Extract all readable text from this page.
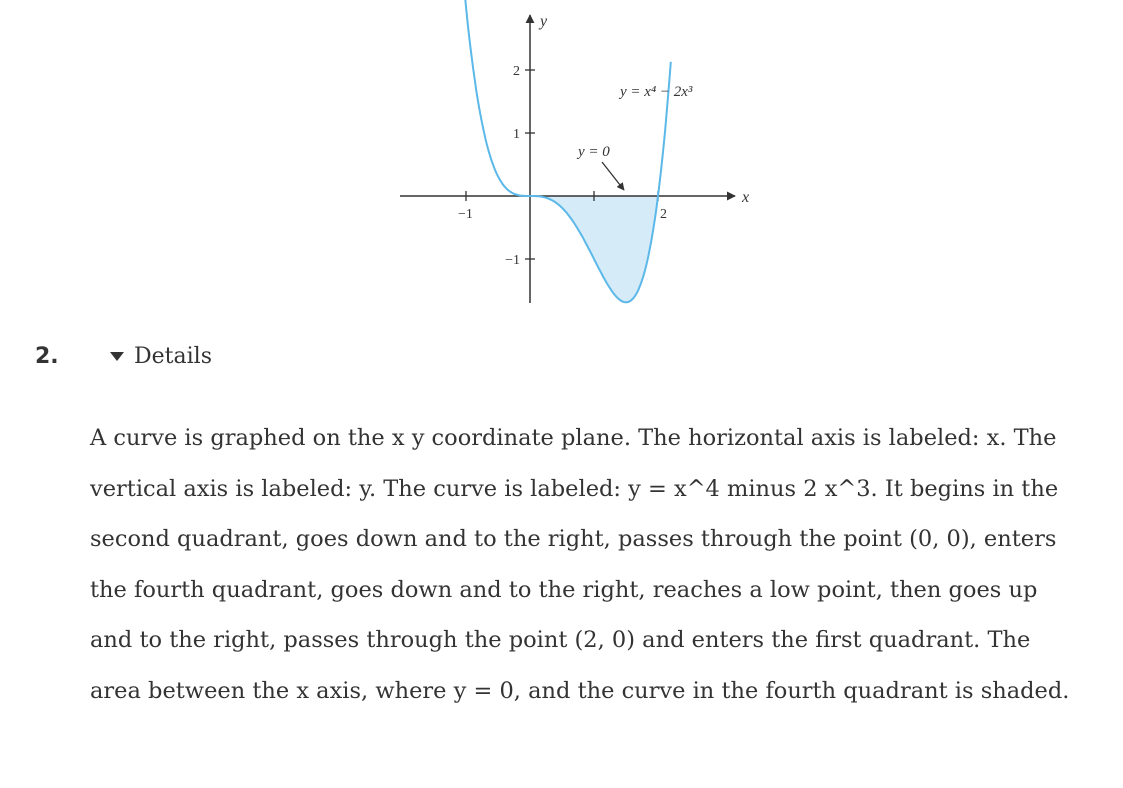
−1	2
2
1
−1
x
y
y = x⁴ − 2x³
y = 0
2.	Details

A curve is graphed on the x y coordinate plane. The horizontal axis is labeled: x. The vertical axis is labeled: y. The curve is labeled: y = x^4 minus 2 x^3. It begins in the second quadrant, goes down and to the right, passes through the point (0, 0), enters the fourth quadrant, goes down and to the right, reaches a low point, then goes up and to the right, passes through the point (2, 0) and enters the first quadrant. The area between the x axis, where y = 0, and the curve in the fourth quadrant is shaded.
